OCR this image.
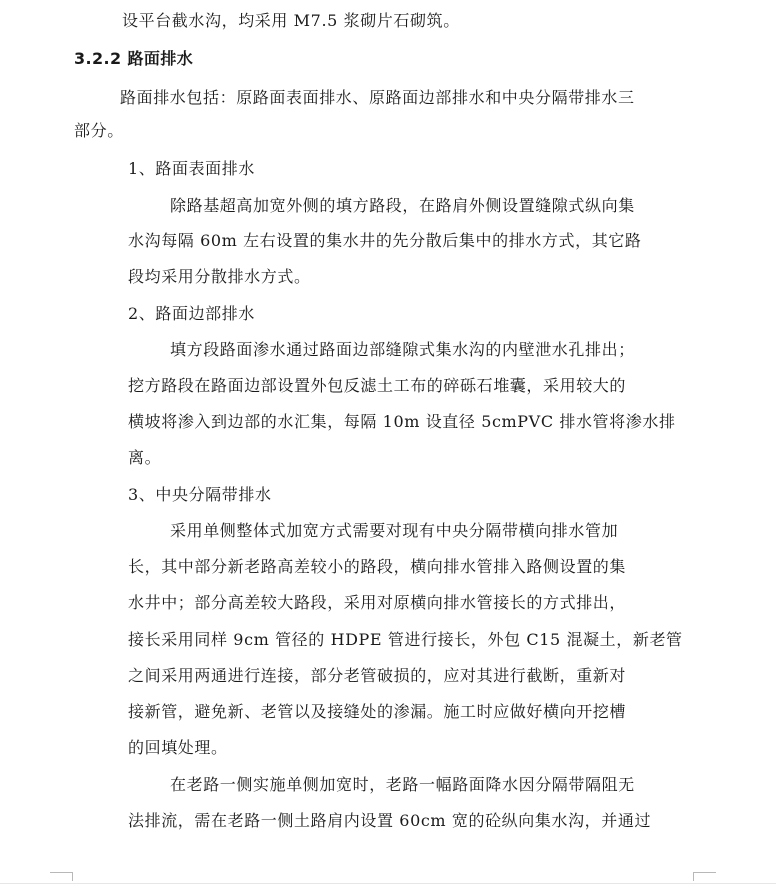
设平台截水沟，均采用 M7.5 浆砌片石砌筑。
3.2.2 路面排水
路面排水包括：原路面表面排水、原路面边部排水和中央分隔带排水三
部分。
1、路面表面排水
除路基超高加宽外侧的填方路段，在路肩外侧设置缝隙式纵向集
水沟每隔 60m 左右设置的集水井的先分散后集中的排水方式，其它路
段均采用分散排水方式。
2、路面边部排水
填方段路面渗水通过路面边部缝隙式集水沟的内壁泄水孔排出；
挖方路段在路面边部设置外包反滤土工布的碎砾石堆囊，采用较大的
横坡将渗入到边部的水汇集，每隔 10m 设直径 5cmPVC 排水管将渗水排
离。
3、中央分隔带排水
采用单侧整体式加宽方式需要对现有中央分隔带横向排水管加
长，其中部分新老路高差较小的路段，横向排水管排入路侧设置的集
水井中；部分高差较大路段，采用对原横向排水管接长的方式排出，
接长采用同样 9cm 管径的 HDPE 管进行接长，外包 C15 混凝土，新老管
之间采用两通进行连接，部分老管破损的，应对其进行截断，重新对
接新管，避免新、老管以及接缝处的渗漏。施工时应做好横向开挖槽
的回填处理。
在老路一侧实施单侧加宽时，老路一幅路面降水因分隔带隔阻无
法排流，需在老路一侧土路肩内设置 60cm 宽的砼纵向集水沟，并通过
